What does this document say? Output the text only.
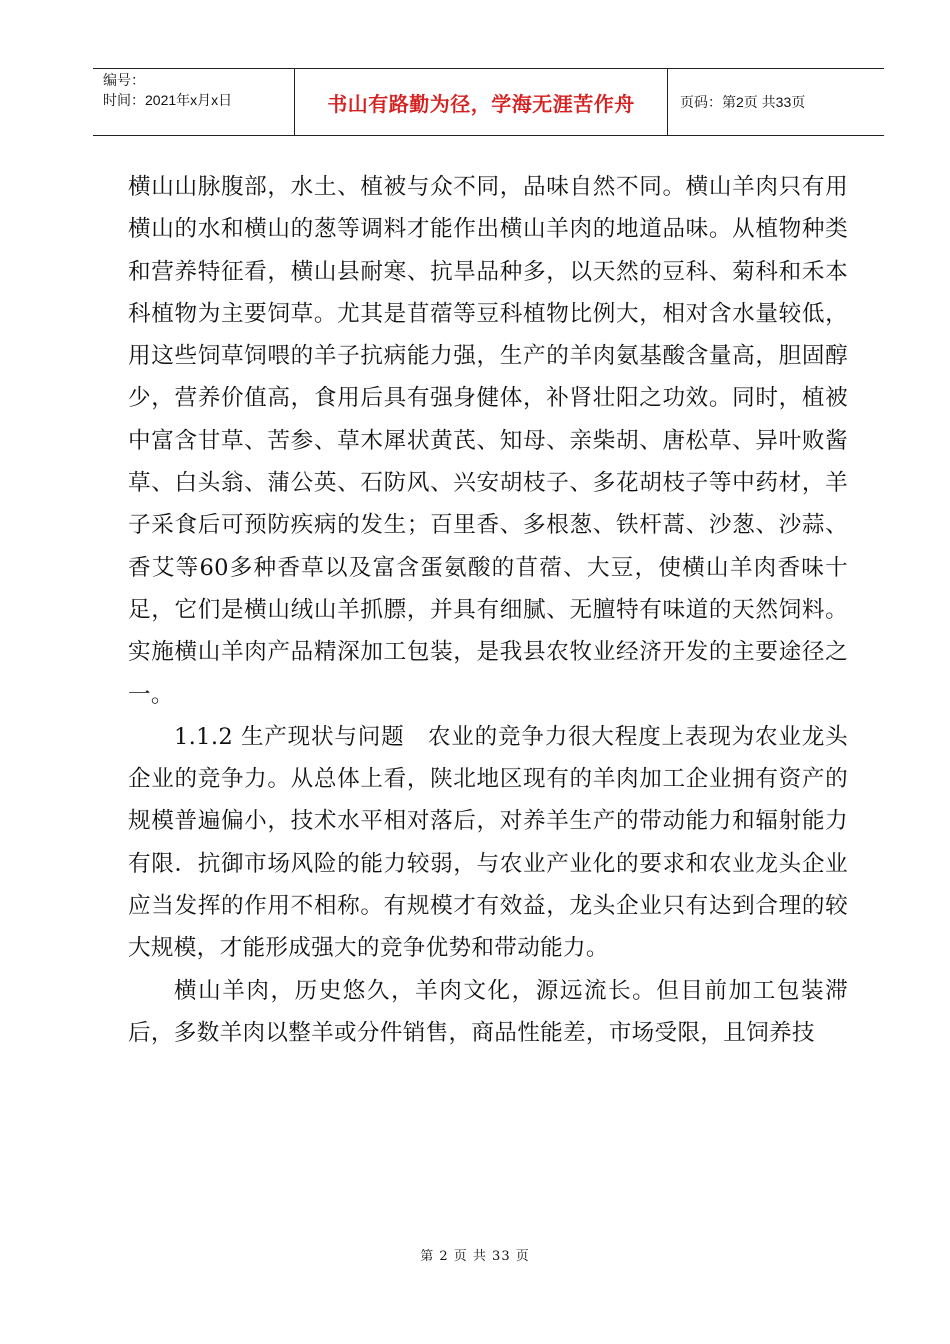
编号：
时间：2021年x月x日	书山有路勤为径，学海无涯苦作舟	页码：第2页 共33页

横山山脉腹部，水土、植被与众不同，品味自然不同。横山羊肉只有用横山的水和横山的葱等调料才能作出横山羊肉的地道品味。从植物种类和营养特征看，横山县耐寒、抗旱品种多，以天然的豆科、菊科和禾本科植物为主要饲草。尤其是苜蓿等豆科植物比例大，相对含水量较低，用这些饲草饲喂的羊子抗病能力强，生产的羊肉氨基酸含量高，胆固醇少，营养价值高，食用后具有强身健体，补肾壮阳之功效。同时，植被中富含甘草、苦参、草木犀状黄芪、知母、亲柴胡、唐松草、异叶败酱草、白头翁、蒲公英、石防风、兴安胡枝子、多花胡枝子等中药材，羊子采食后可预防疾病的发生；百里香、多根葱、铁杆蒿、沙葱、沙蒜、香艾等60多种香草以及富含蛋氨酸的苜蓿、大豆，使横山羊肉香味十足，它们是横山绒山羊抓膘，并具有细腻、无膻特有味道的天然饲料。实施横山羊肉产品精深加工包装，是我县农牧业经济开发的主要途径之一。

1.1.2 生产现状与问题　农业的竞争力很大程度上表现为农业龙头企业的竞争力。从总体上看，陕北地区现有的羊肉加工企业拥有资产的规模普遍偏小，技术水平相对落后，对养羊生产的带动能力和辐射能力有限．抗御市场风险的能力较弱，与农业产业化的要求和农业龙头企业应当发挥的作用不相称。有规模才有效益，龙头企业只有达到合理的较大规模，才能形成强大的竞争优势和带动能力。

横山羊肉，历史悠久，羊肉文化，源远流长。但目前加工包装滞后，多数羊肉以整羊或分件销售，商品性能差，市场受限，且饲养技

第 2 页 共 33 页
